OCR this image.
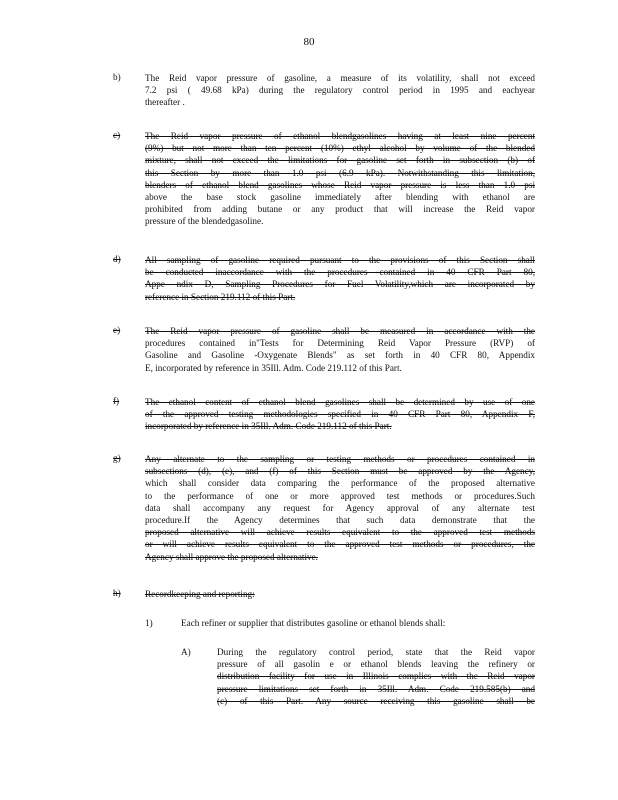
80
b)	The Reid vapor pressure of gasoline, a measure of its volatility, shall not exceed
7.2 psi ( 49.68 kPa) during the regulatory control period in 1995 and eachyear
thereafter .
c)	The Reid vapor pressure of ethanol blendgasolines having at least nine percent
(9%) but not more than ten percent (10%) ethyl alcohol by volume of the blended
mixture, shall not exceed the limitations for gasoline set forth in subsection (b) of
this Section by more than 1.0 psi (6.9 kPa). Notwithstanding this limitation,
blenders of ethanol blend gasolines whose Reid vapor pressure is less than 1.0 psi
above the base stock gasoline immediately after blending with ethanol are
prohibited from adding butane or any product that will increase the Reid vapor
pressure of the blendedgasoline.
d)	All sampling of gasoline required pursuant to the provisions of this Section shall
be conducted inaccordance with the procedures contained in 40 CFR Part 80,
Appe ndix D, Sampling Procedures for Fuel Volatility,which are incorporated by
reference in Section 219.112 of this Part.
e)	The Reid vapor pressure of gasoline shall be measured in accordance with the
procedures contained in"Tests for Determining Reid Vapor Pressure (RVP) of
Gasoline and Gasoline -Oxygenate Blends" as set forth in 40 CFR 80, Appendix
E, incorporated by reference in 35Ill. Adm. Code 219.112 of this Part.
f)	The ethanol content of ethanol blend gasolines shall be determined by use of one
of the approved testing methodologies specified in 40 CFR Part 80, Appendix F,
incorporated by reference in 35Ill. Adm. Code 219.112 of this Part.
g)	Any alternate to the sampling or testing methods or procedures contained in
subsections (d), (e), and (f) of this Section must be approved by the Agency,
which shall consider data comparing the performance of the proposed alternative
to the performance of one or more approved test methods or procedures.Such
data shall accompany any request for Agency approval of any alternate test
procedure.If the Agency determines that such data demonstrate that the
proposed alternative will achieve results equivalent to the approved test methods
or will achieve results equivalent to the approved test methods or procedures, the
Agency shall approve the proposed alternative.
h)	Recordkeeping and reporting:
1)	Each refiner or supplier that distributes gasoline or ethanol blends shall:
A)	During the regulatory control period, state that the Reid vapor
pressure of all gasolin e or ethanol blends leaving the refinery or
distribution facility for use in Illinois complies with the Reid vapor
pressure limitations set forth in 35Ill. Adm. Code 219.585(b) and
(c) of this Part. Any source receiving this gasoline shall be
